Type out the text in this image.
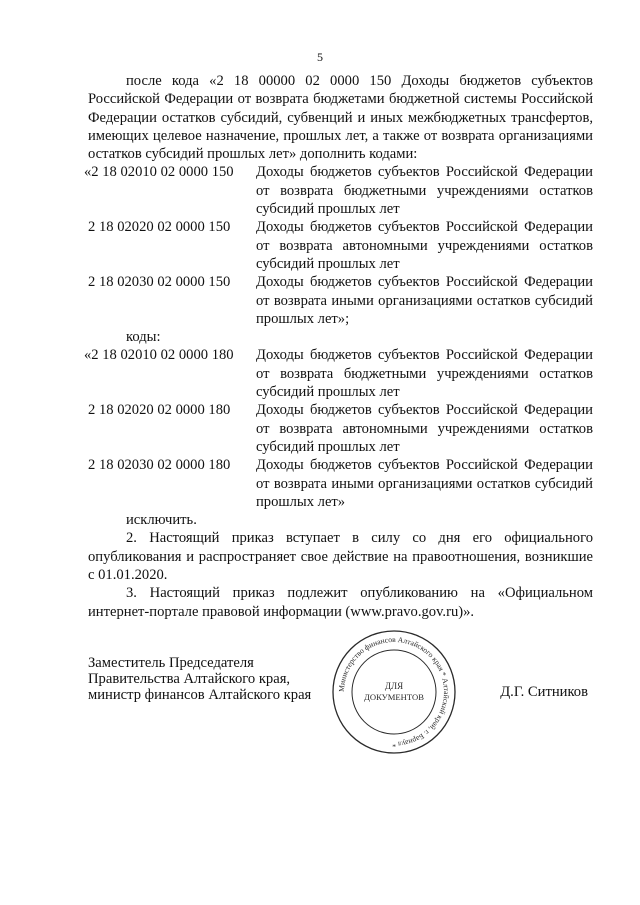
5

после кода «2 18 00000 02 0000 150 Доходы бюджетов субъектов Российской Федерации от возврата бюджетами бюджетной системы Российской Федерации остатков субсидий, субвенций и иных межбюджетных трансфертов, имеющих целевое назначение, прошлых лет, а также от возврата организациями остатков субсидий прошлых лет» дополнить кодами:

«2 18 02010 02 0000 150	Доходы бюджетов субъектов Российской Федерации от возврата бюджетными учреждениями остатков субсидий прошлых лет
2 18 02020 02 0000 150	Доходы бюджетов субъектов Российской Федерации от возврата автономными учреждениями остатков субсидий прошлых лет
2 18 02030 02 0000 150	Доходы бюджетов субъектов Российской Федерации от возврата иными организациями остатков субсидий прошлых лет»;

коды:

«2 18 02010 02 0000 180	Доходы бюджетов субъектов Российской Федерации от возврата бюджетными учреждениями остатков субсидий прошлых лет
2 18 02020 02 0000 180	Доходы бюджетов субъектов Российской Федерации от возврата автономными учреждениями остатков субсидий прошлых лет
2 18 02030 02 0000 180	Доходы бюджетов субъектов Российской Федерации от возврата иными организациями остатков субсидий прошлых лет»

исключить.

2. Настоящий приказ вступает в силу со дня его официального опубликования и распространяет свое действие на правоотношения, возникшие с 01.01.2020.

3. Настоящий приказ подлежит опубликованию на «Официальном интернет-портале правовой информации (www.pravo.gov.ru)».

Заместитель Председателя
Правительства Алтайского края,
министр финансов Алтайского края	Министерство финансов Алтайского края * Алтайский край, г. Барнаул *
ДЛЯ
ДОКУМЕНТОВ	Д.Г. Ситников
